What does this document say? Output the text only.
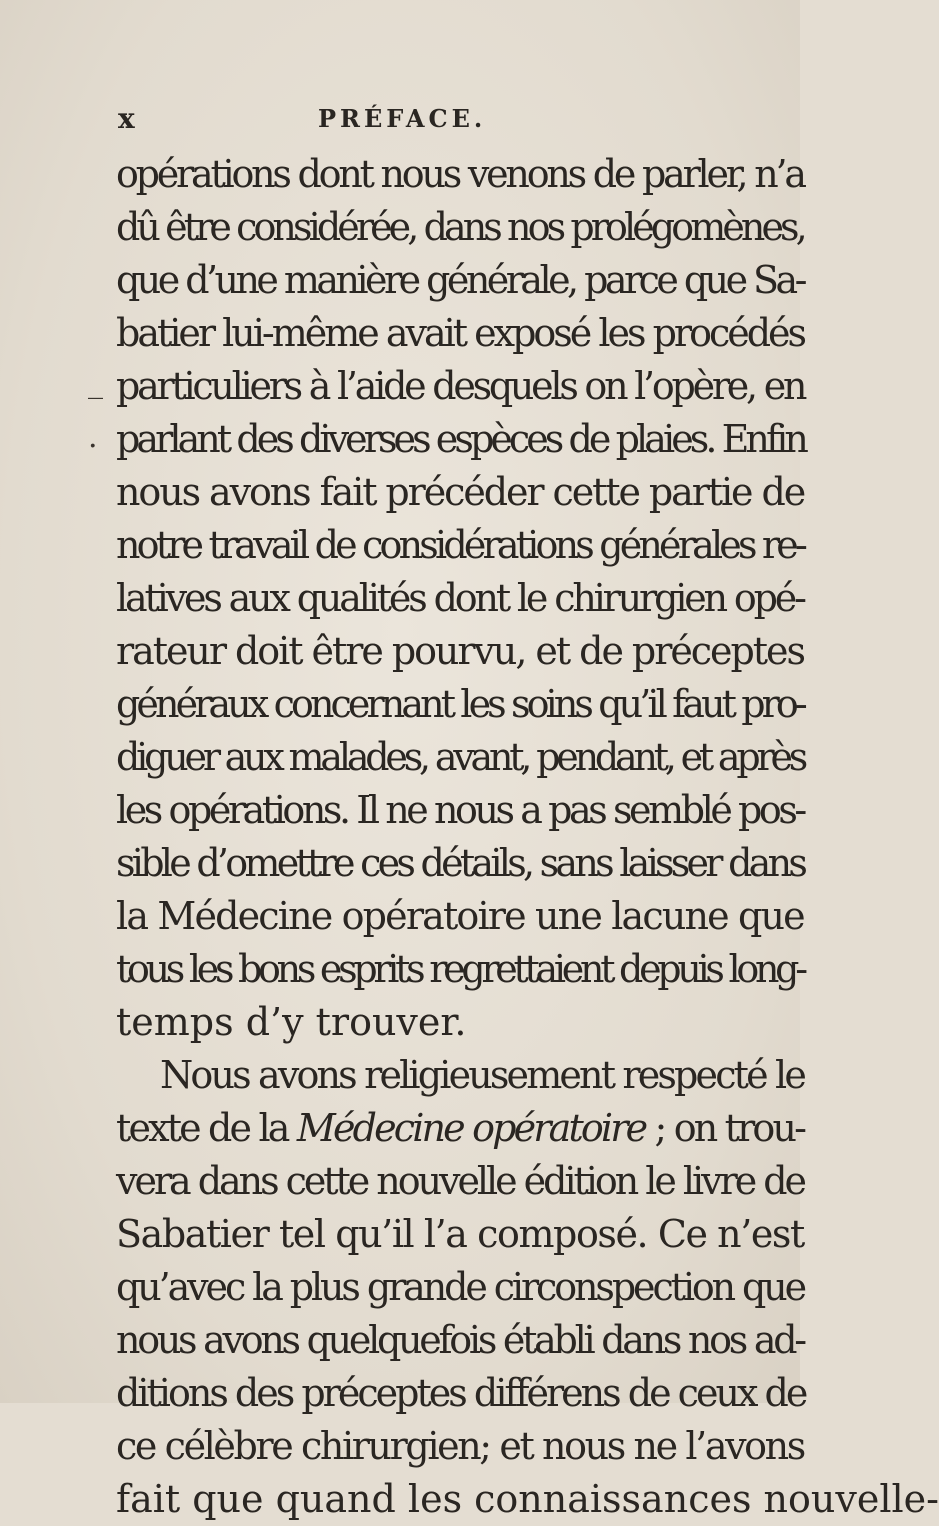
x	PRÉFACE.
_
.
opérations dont nous venons de parler, n’a
dû être considérée, dans nos prolégomènes,
que d’une manière générale, parce que Sa-
batier lui-même avait exposé les procédés
particuliers à l’aide desquels on l’opère, en
parlant des diverses espèces de plaies. Enfin
nous avons fait précéder cette partie de
notre travail de considérations générales re-
latives aux qualités dont le chirurgien opé-
rateur doit être pourvu, et de préceptes
généraux concernant les soins qu’il faut pro-
diguer aux malades, avant, pendant, et après
les opérations. Il ne nous a pas semblé pos-
sible d’omettre ces détails, sans laisser dans
la Médecine opératoire une lacune que
tous les bons esprits regrettaient depuis long-
temps d’y trouver.
Nous avons religieusement respecté le
texte de la Médecine opératoire ; on trou-
vera dans cette nouvelle édition le livre de
Sabatier tel qu’il l’a composé. Ce n’est
qu’avec la plus grande circonspection que
nous avons quelquefois établi dans nos ad-
ditions des préceptes différens de ceux de
ce célèbre chirurgien; et nous ne l’avons
fait que quand les connaissances nouvelle-
